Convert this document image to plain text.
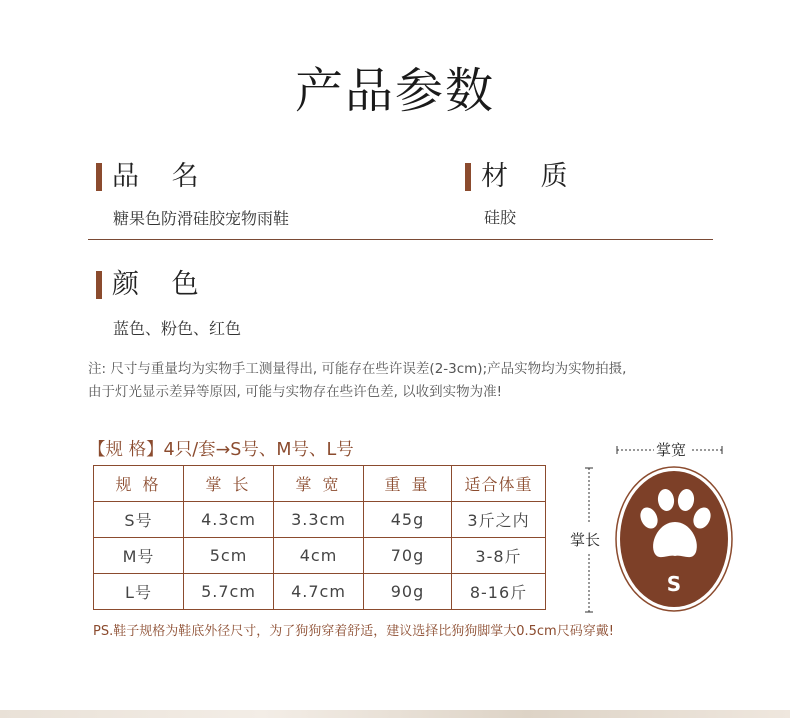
产品参数
品 名
糖果色防滑硅胶宠物雨鞋
材 质
硅胶
颜 色
蓝色、粉色、红色
注: 尺寸与重量均为实物手工测量得出, 可能存在些许误差(2-3cm);产品实物均为实物拍摄,
由于灯光显示差异等原因, 可能与实物存在些许色差, 以收到实物为准!
【规 格】4只/套→S号、M号、L号
规 格	掌 长	掌 宽	重 量	适合体重
S号	4.3cm	3.3cm	45g	3斤之内
M号	5cm	4cm	70g	3-8斤
L号	5.7cm	4.7cm	90g	8-16斤	S
掌宽
掌长
PS.鞋子规格为鞋底外径尺寸，为了狗狗穿着舒适，建议选择比狗狗脚掌大0.5cm尺码穿戴!
